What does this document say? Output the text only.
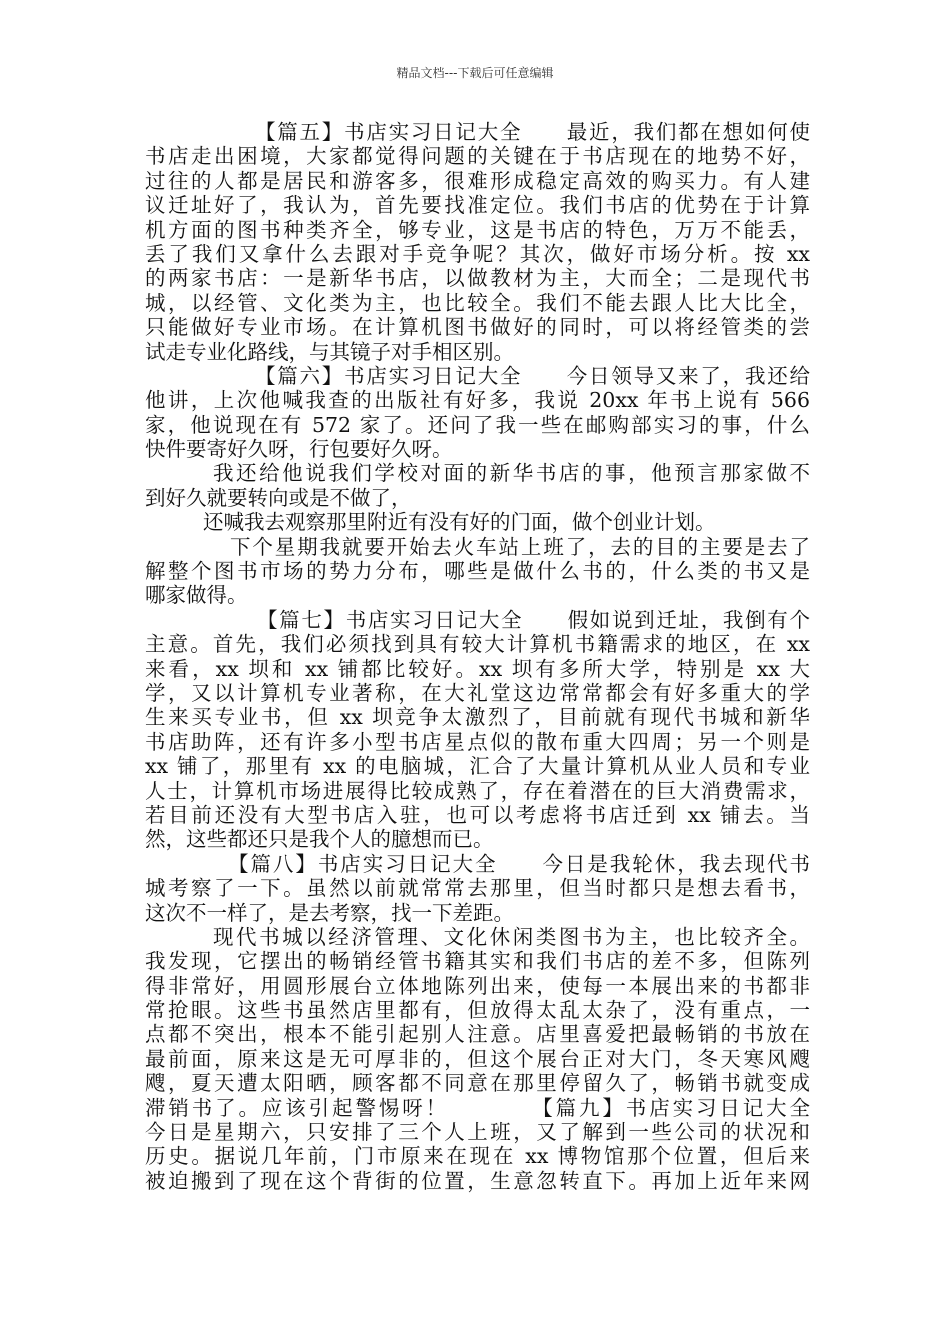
精品文档---下载后可任意编辑
【篇五】书店实习日记大全　　最近，我们都在想如何使
书店走出困境，大家都觉得问题的关键在于书店现在的地势不好，
过往的人都是居民和游客多，很难形成稳定高效的购买力。有人建
议迁址好了，我认为，首先要找准定位。我们书店的优势在于计算
机方面的图书种类齐全，够专业，这是书店的特色，万万不能丢，
丢了我们又拿什么去跟对手竞争呢？其次，做好市场分析。按 xx
的两家书店：一是新华书店，以做教材为主，大而全；二是现代书
城，以经管、文化类为主，也比较全。我们不能去跟人比大比全，
只能做好专业市场。在计算机图书做好的同时，可以将经管类的尝
试走专业化路线，与其镜子对手相区别。
【篇六】书店实习日记大全　　今日领导又来了，我还给
他讲，上次他喊我查的出版社有好多，我说 20xx 年书上说有 566
家，他说现在有 572 家了。还问了我一些在邮购部实习的事，什么
快件要寄好久呀，行包要好久呀。
我还给他说我们学校对面的新华书店的事，他预言那家做不
到好久就要转向或是不做了，
还喊我去观察那里附近有没有好的门面，做个创业计划。
下个星期我就要开始去火车站上班了，去的目的主要是去了
解整个图书市场的势力分布，哪些是做什么书的，什么类的书又是
哪家做得。
【篇七】书店实习日记大全　　假如说到迁址，我倒有个
主意。首先，我们必须找到具有较大计算机书籍需求的地区，在 xx
来看，xx 坝和 xx 铺都比较好。xx 坝有多所大学，特别是 xx 大
学，又以计算机专业著称，在大礼堂这边常常都会有好多重大的学
生来买专业书，但 xx 坝竞争太激烈了，目前就有现代书城和新华
书店助阵，还有许多小型书店星点似的散布重大四周；另一个则是
xx 铺了，那里有 xx 的电脑城，汇合了大量计算机从业人员和专业
人士，计算机市场进展得比较成熟了，存在着潜在的巨大消费需求，
若目前还没有大型书店入驻，也可以考虑将书店迁到 xx 铺去。当
然，这些都还只是我个人的臆想而已。
【篇八】书店实习日记大全　　今日是我轮休，我去现代书
城考察了一下。虽然以前就常常去那里，但当时都只是想去看书，
这次不一样了，是去考察，找一下差距。
现代书城以经济管理、文化休闲类图书为主，也比较齐全。
我发现，它摆出的畅销经管书籍其实和我们书店的差不多，但陈列
得非常好，用圆形展台立体地陈列出来，使每一本展出来的书都非
常抢眼。这些书虽然店里都有，但放得太乱太杂了，没有重点，一
点都不突出，根本不能引起别人注意。店里喜爱把最畅销的书放在
最前面，原来这是无可厚非的，但这个展台正对大门，冬天寒风飕
飕，夏天遭太阳晒，顾客都不同意在那里停留久了，畅销书就变成
滞销书了。应该引起警惕呀！　　　　【篇九】书店实习日记大全
今日是星期六，只安排了三个人上班，又了解到一些公司的状况和
历史。据说几年前，门市原来在现在 xx 博物馆那个位置，但后来
被迫搬到了现在这个背街的位置，生意忽转直下。再加上近年来网
